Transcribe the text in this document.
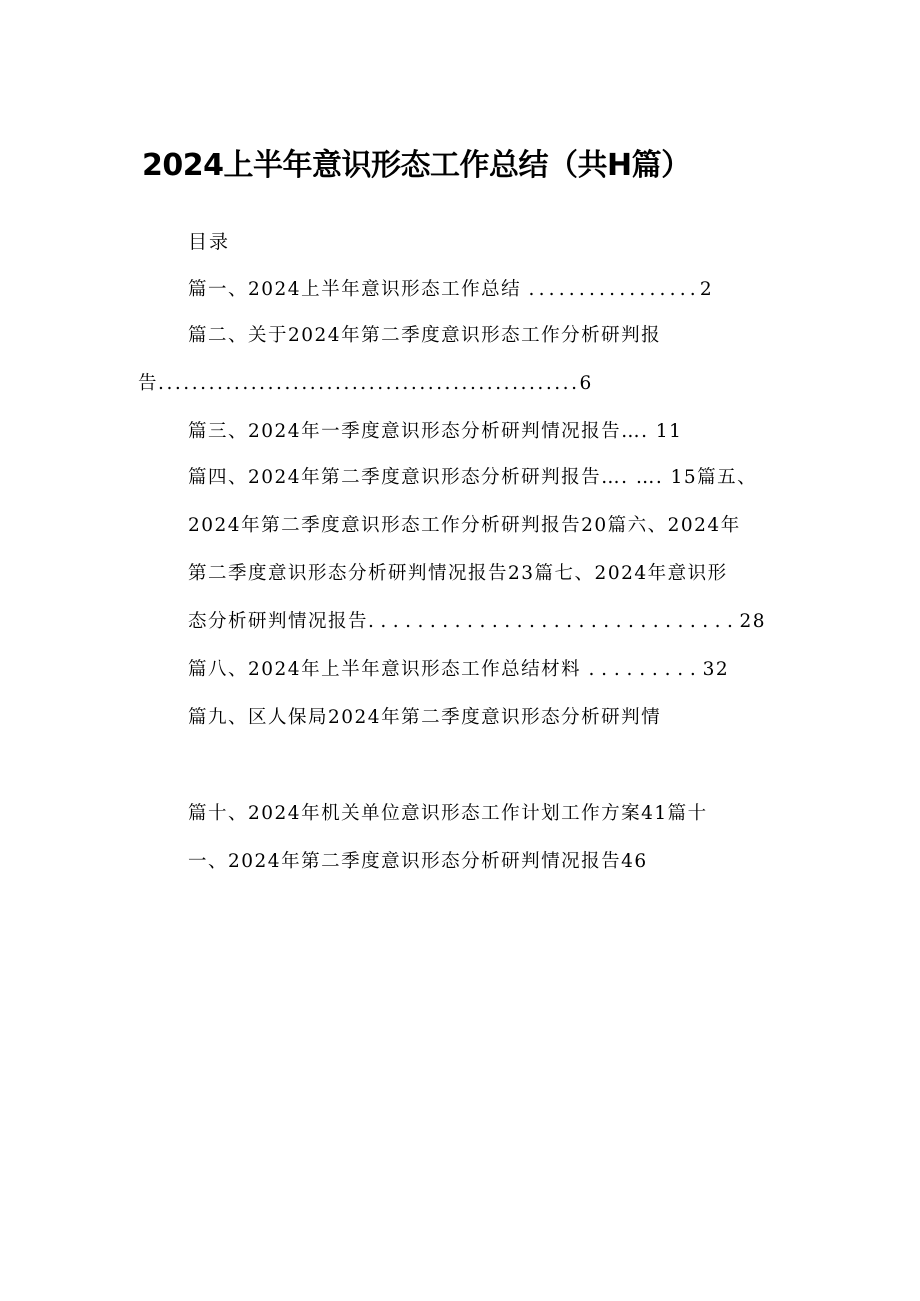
2024上半年意识形态工作总结（共H篇）
目录
篇一、2024上半年意识形态工作总结 .................2
篇二、关于2024年第二季度意识形态工作分析研判报
告..................................................6
篇三、2024年一季度意识形态分析研判情况报告…. 11
篇四、2024年第二季度意识形态分析研判报告…. …. 15篇五、
2024年第二季度意识形态工作分析研判报告20篇六、2024年
第二季度意识形态分析研判情况报告23篇七、2024年意识形
态分析研判情况报告..............................28
篇八、2024年上半年意识形态工作总结材料 .........32
篇九、区人保局2024年第二季度意识形态分析研判情
篇十、2024年机关单位意识形态工作计划工作方案41篇十
一、2024年第二季度意识形态分析研判情况报告46
